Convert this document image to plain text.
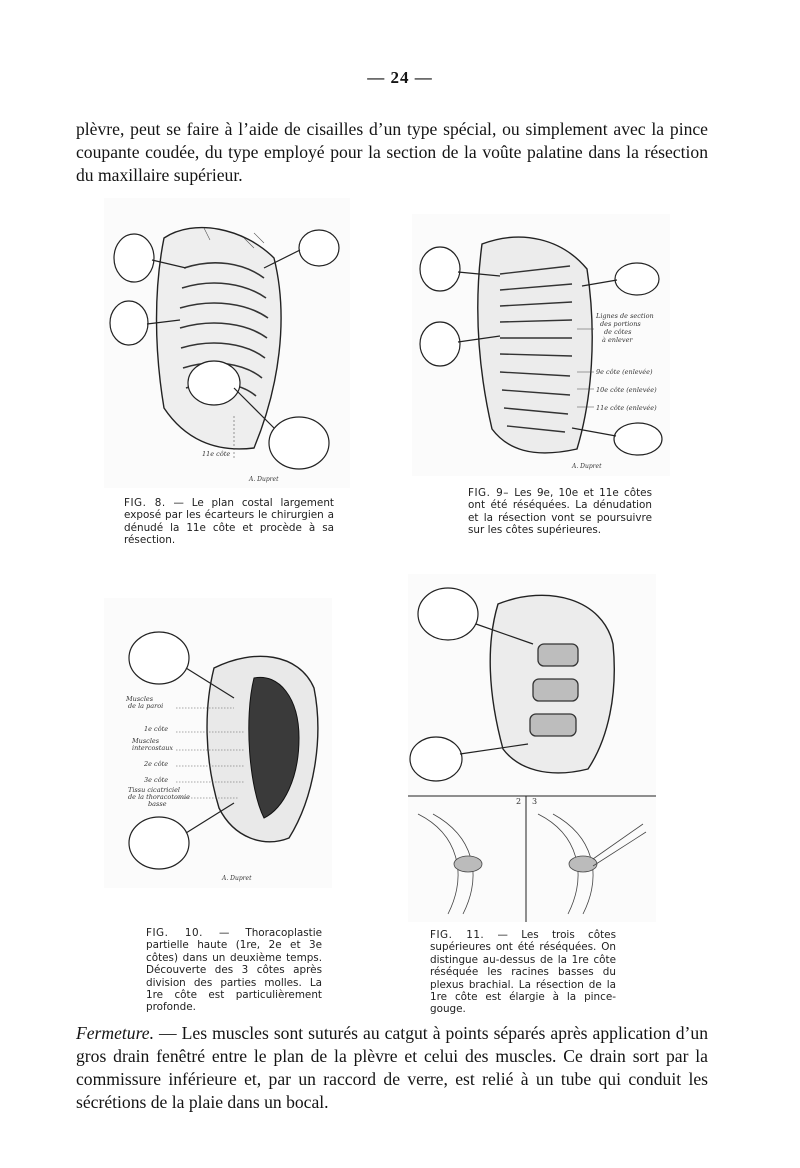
— 24 —

plèvre, peut se faire à l’aide de cisailles d’un type spécial, ou simplement avec la pince coupante coudée, du type employé pour la section de la voûte palatine dans la résection du maxillaire supérieur.

11e côte
A. Dupret

FIG. 8. — Le plan costal largement exposé par les écarteurs le chirurgien a dénudé la 11e côte et procède à sa résection.

Lignes de section
des portions
de côtes
à enlever
9e côte (enlevée)
10e côte (enlevée)
11e côte (enlevée)
A. Dupret

FIG. 9– Les 9e, 10e et 11e côtes ont été réséquées. La dénudation et la résection vont se poursuivre sur les côtes supérieures.

Muscles
de la paroi
1e côte
Muscles
intercostaux
2e côte
3e côte
Tissu cicatriciel
de la thoracotomie
basse
A. Dupret

FIG. 10. — Thoracoplastie partielle haute (1re, 2e et 3e côtes) dans un deuxième temps. Découverte des 3 côtes après division des parties molles. La 1re côte est particulièrement profonde.

2 3

FIG. 11. — Les trois côtes supérieures ont été réséquées. On distingue au-dessus de la 1re côte réséquée les racines basses du plexus brachial. La résection de la 1re côte est élargie à la pince-gouge.

Fermeture. — Les muscles sont suturés au catgut à points séparés après application d’un gros drain fenêtré entre le plan de la plèvre et celui des muscles. Ce drain sort par la commissure inférieure et, par un raccord de verre, est relié à un tube qui conduit les sécrétions de la plaie dans un bocal.
